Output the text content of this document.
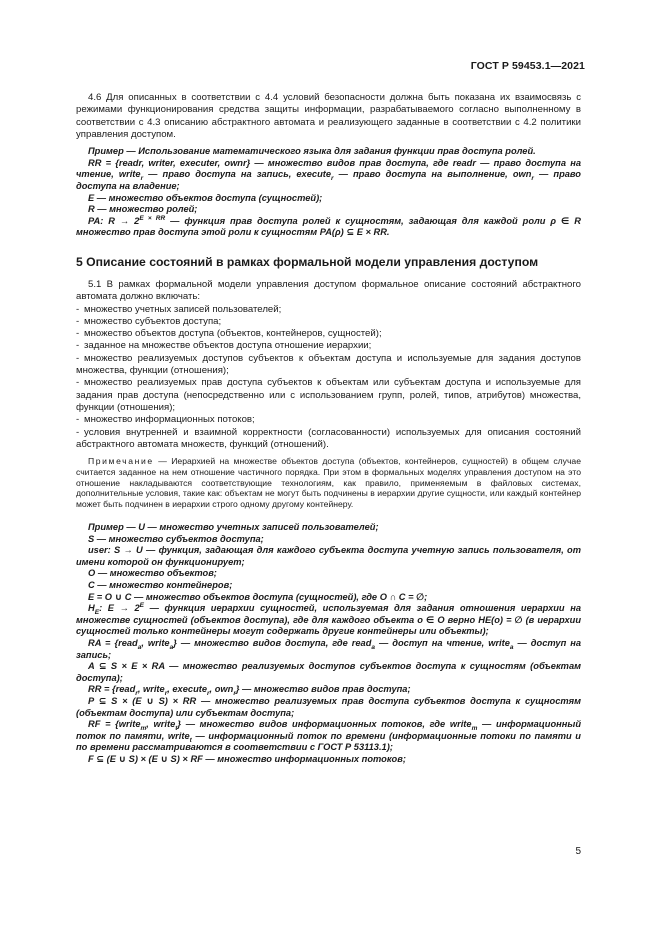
ГОСТ Р 59453.1—2021

4.6 Для описанных в соответствии с 4.4 условий безопасности должна быть показана их взаимосвязь с режимами функционирования средства защиты информации, разрабатываемого согласно выполненному в соответствии с 4.3 описанию абстрактного автомата и реализующего заданные в соответствии с 4.2 политики управления доступом.

Пример — Использование математического языка для задания функции прав доступа ролей.

RR = {readr, writer, executer, ownr} — множество видов прав доступа, где readr — право доступа на чтение, write$_r$ — право доступа на запись, execute$_r$ — право доступа на выполнение, own$_r$ — право доступа на владение;

E — множество объектов доступа (сущностей);

R — множество ролей;

PA: $R \to 2^{E \times RR}$ — функция прав доступа ролей к сущностям, задающая для каждой роли ρ ∈ R множество прав доступа этой роли к сущностям PA(ρ) ⊆ E × RR.

5 Описание состояний в рамках формальной модели управления доступом

5.1 В рамках формальной модели управления доступом формальное описание состояний абстрактного автомата должно включать:

- множество учетных записей пользователей;

- множество субъектов доступа;

- множество объектов доступа (объектов, контейнеров, сущностей);

- заданное на множестве объектов доступа отношение иерархии;

- множество реализуемых доступов субъектов к объектам доступа и используемые для задания доступов множества, функции (отношения);

- множество реализуемых прав доступа субъектов к объектам или субъектам доступа и используемые для задания прав доступа (непосредственно или с использованием групп, ролей, типов, атрибутов) множества, функции (отношения);

- множество информационных потоков;

- условия внутренней и взаимной корректности (согласованности) используемых для описания состояний абстрактного автомата множеств, функций (отношений).

Примечание — Иерархией на множестве объектов доступа (объектов, контейнеров, сущностей) в общем случае считается заданное на нем отношение частичного порядка. При этом в формальных моделях управления доступом на это отношение накладываются соответствующие технологиям, как правило, применяемым в файловых системах, дополнительные условия, такие как: объектам не могут быть подчинены в иерархии другие сущности, или каждый контейнер может быть подчинен в иерархии строго одному другому контейнеру.

Пример — U — множество учетных записей пользователей;

S — множество субъектов доступа;

user: S → U — функция, задающая для каждого субъекта доступа учетную запись пользователя, от имени которой он функционирует;

O — множество объектов;

C — множество контейнеров;

E = O ∪ C — множество объектов доступа (сущностей), где O ∩ C = ∅;

$H_E$: $E \to 2^E$ — функция иерархии сущностей, используемая для задания отношения иерархии на множестве сущностей (объектов доступа), где для каждого объекта o ∈ O верно HE(o) = ∅ (в иерархии сущностей только контейнеры могут содержать другие контейнеры или объекты);

RA = {read$_a$, write$_a$} — множество видов доступа, где read$_a$ — доступ на чтение, write$_a$ — доступ на запись;

A ⊆ S × E × RA — множество реализуемых доступов субъектов доступа к сущностям (объектам доступа);

RR = {read$_r$, write$_r$, execute$_r$, own$_r$} — множество видов прав доступа;

P ⊆ S × (E ∪ S) × RR — множество реализуемых прав доступа субъектов доступа к сущностям (объектам доступа) или субъектам доступа;

RF = {write$_m$, write$_t$} — множество видов информационных потоков, где write$_m$ — информационный поток по памяти, write$_t$ — информационный поток по времени (информационные потоки по памяти и по времени рассматриваются в соответствии с ГОСТ Р 53113.1);

F ⊆ (E ∪ S) × (E ∪ S) × RF — множество информационных потоков;

5
